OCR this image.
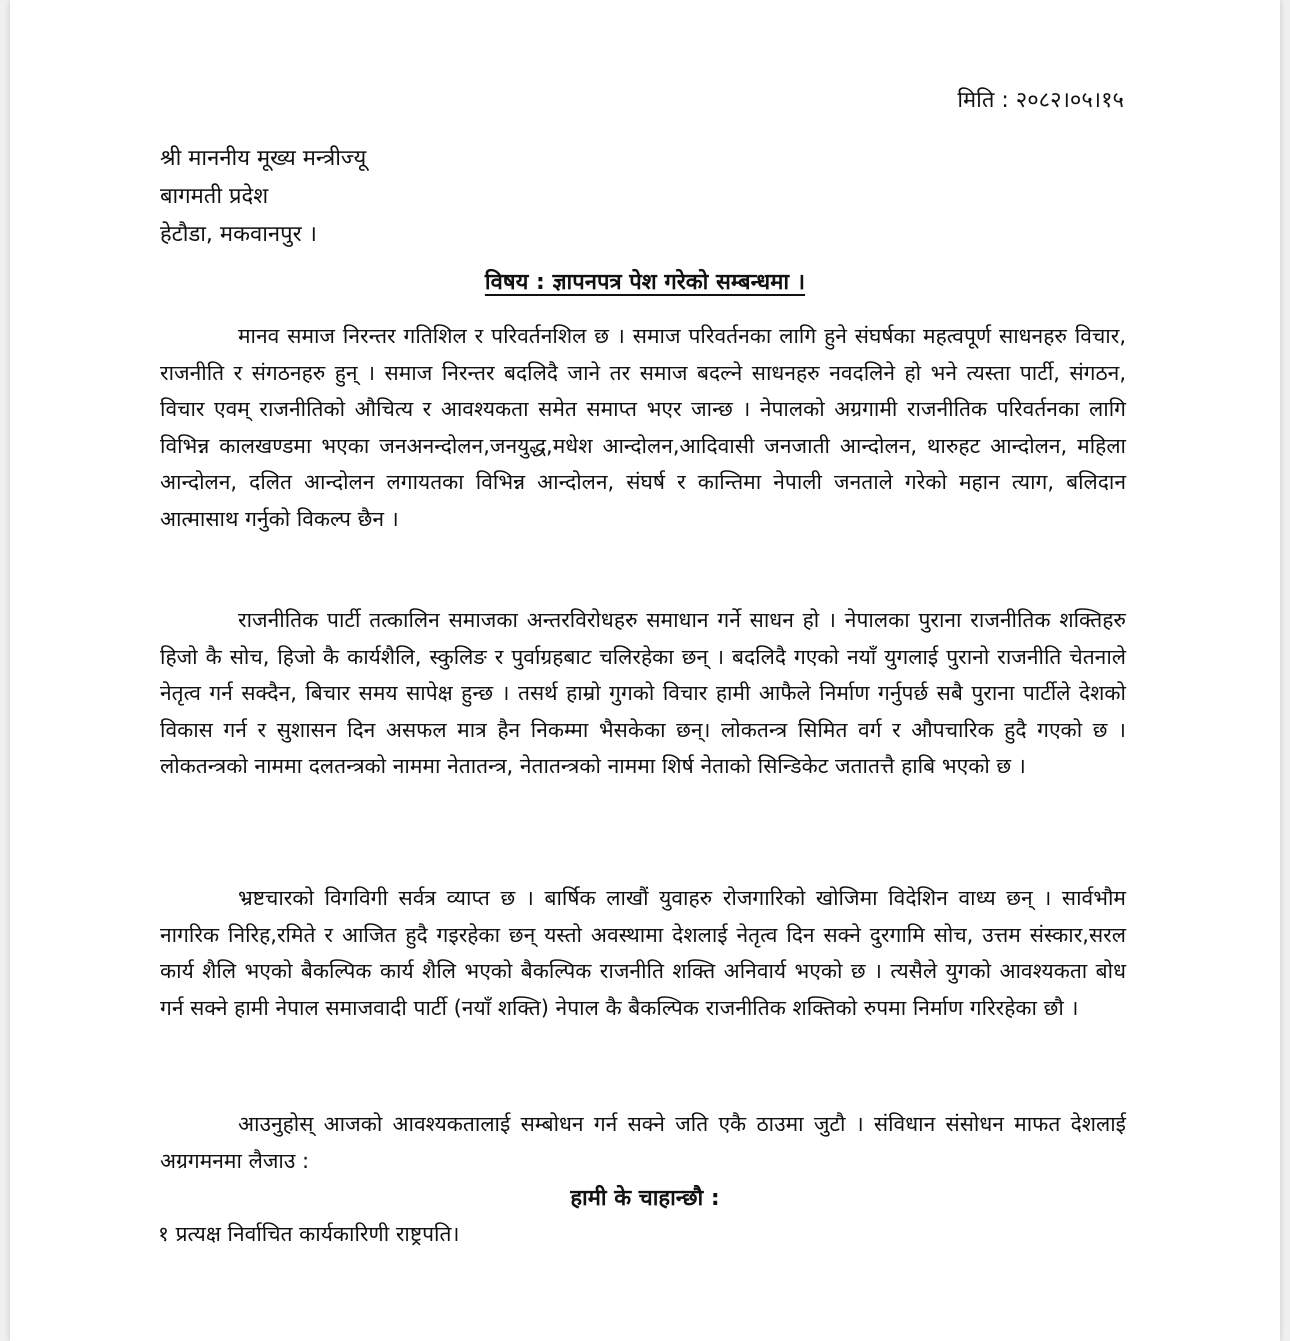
मिति : २०८२।०५।१५
श्री माननीय मूख्य मन्त्रीज्यू
बागमती प्रदेश
हेटौडा, मकवानपुर ।
विषय : ज्ञापनपत्र पेश गरेको सम्बन्धमा ।

मानव समाज निरन्तर गतिशिल र परिवर्तनशिल छ । समाज परिवर्तनका लागि हुने संघर्षका महत्वपूर्ण साधनहरु विचार, राजनीति र संगठनहरु हुन् । समाज निरन्तर बदलिदै जाने तर समाज बदल्ने साधनहरु नवदलिने हो भने त्यस्ता पार्टी, संगठन, विचार एवम् राजनीतिको औचित्य र आवश्यकता समेत समाप्त भएर जान्छ । नेपालको अग्रगामी राजनीतिक परिवर्तनका लागि विभिन्न कालखण्डमा भएका जनअनन्दोलन,जनयुद्ध,मधेश आन्दोलन,आदिवासी जनजाती आन्दोलन, थारुहट आन्दोलन, महिला आन्दोलन, दलित आन्दोलन लगायतका विभिन्न आन्दोलन, संघर्ष र कान्तिमा नेपाली जनताले गरेको महान त्याग, बलिदान आत्मासाथ गर्नुको विकल्प छैन ।

राजनीतिक पार्टी तत्कालिन समाजका अन्तरविरोधहरु समाधान गर्ने साधन हो । नेपालका पुराना राजनीतिक शक्तिहरु हिजो कै सोच, हिजो कै कार्यशैलि, स्कुलिङ र पुर्वाग्रहबाट चलिरहेका छन् । बदलिदै गएको नयाँ युगलाई पुरानो राजनीति चेतनाले नेतृत्व गर्न सक्दैन, बिचार समय सापेक्ष हुन्छ । तसर्थ हाम्रो गुगको विचार हामी आफैले निर्माण गर्नुपर्छ सबै पुराना पार्टीले देशको विकास गर्न र सुशासन दिन असफल मात्र हैन निकम्मा भैसकेका छन्। लोकतन्त्र सिमित वर्ग र औपचारिक हुदै गएको छ । लोकतन्त्रको नाममा दलतन्त्रको नाममा नेतातन्त्र, नेतातन्त्रको नाममा शिर्ष नेताको सिन्डिकेट जतातत्तै हाबि भएको छ ।

भ्रष्टचारको विगविगी सर्वत्र व्याप्त छ । बार्षिक लाखौं युवाहरु रोजगारिको खोजिमा विदेशिन वाध्य छन् । सार्वभौम नागरिक निरिह,रमिते र आजित हुदै गइरहेका छन् यस्तो अवस्थामा देशलाई नेतृत्व दिन सक्ने दुरगामि सोच, उत्तम संस्कार,सरल कार्य शैलि भएको बैकल्पिक कार्य शैलि भएको बैकल्पिक राजनीति शक्ति अनिवार्य भएको छ । त्यसैले युगको आवश्यकता बोध गर्न सक्ने हामी नेपाल समाजवादी पार्टी (नयाँ शक्ति) नेपाल कै बैकल्पिक राजनीतिक शक्तिको रुपमा निर्माण गरिरहेका छौ ।

आउनुहोस् आजको आवश्यकतालाई सम्बोधन गर्न सक्ने जति एकै ठाउमा जुटौ । संविधान संसोधन माफत देशलाई अग्रगमनमा लैजाउ :

हामी के चाहान्छौ :
१ प्रत्यक्ष निर्वाचित कार्यकारिणी राष्ट्रपति।
